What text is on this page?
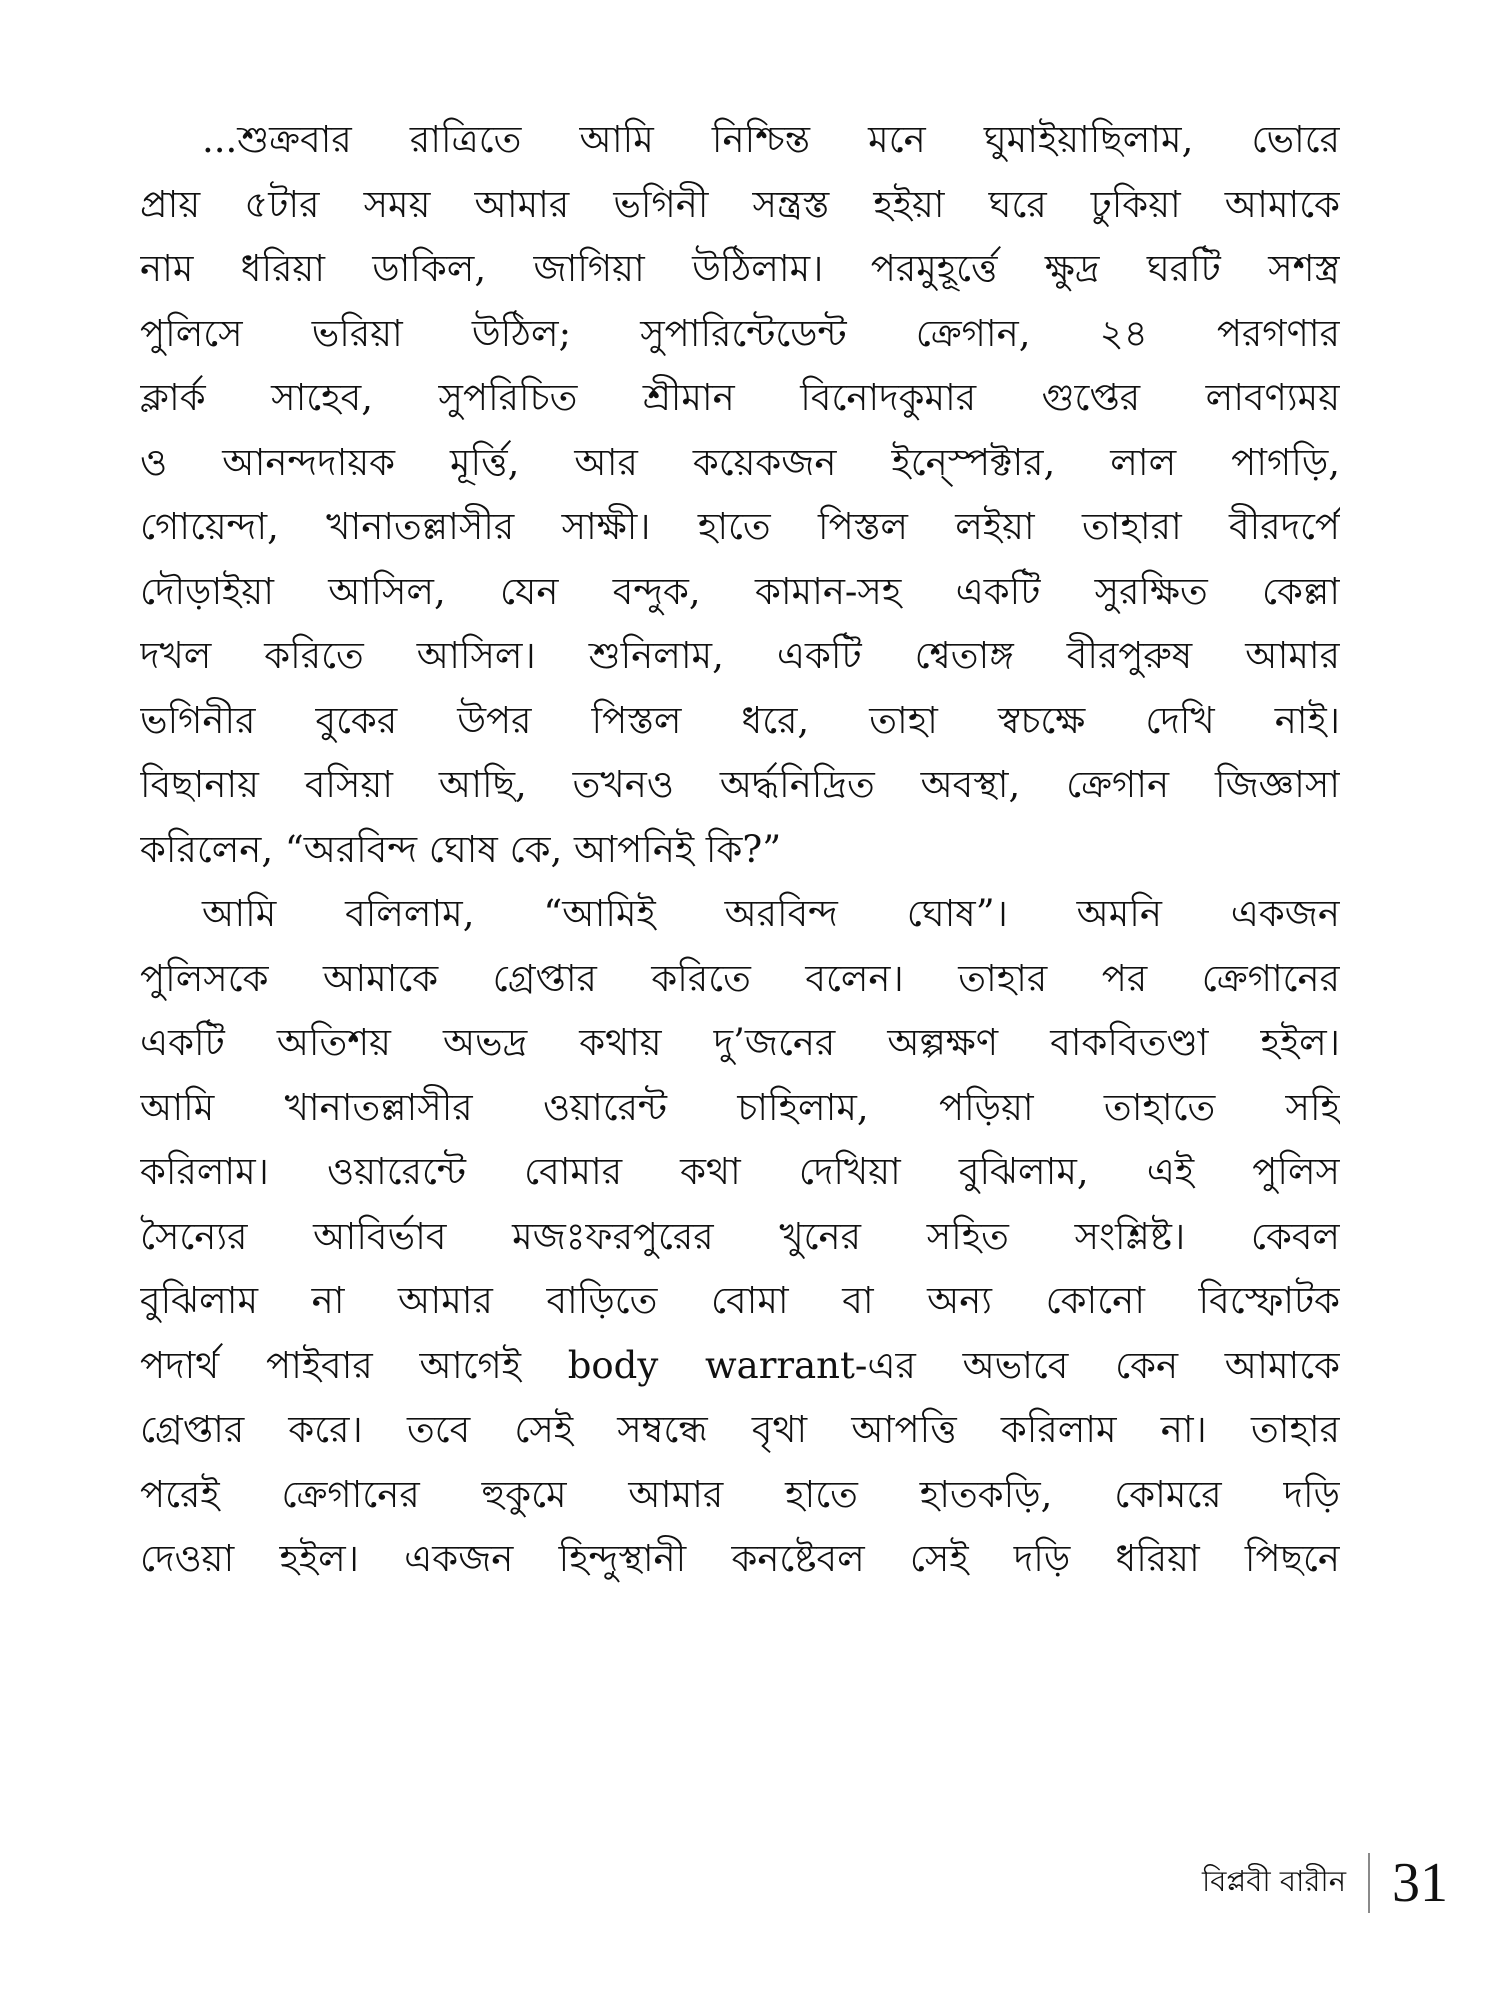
...শুক্রবার রাত্রিতে আমি নিশ্চিন্ত মনে ঘুমাইয়াছিলাম, ভোরে
প্রায় ৫টার সময় আমার ভগিনী সন্ত্রস্ত হইয়া ঘরে ঢুকিয়া আমাকে
নাম ধরিয়া ডাকিল, জাগিয়া উঠিলাম। পরমুহূর্ত্তে ক্ষুদ্র ঘরটি সশস্ত্র
পুলিসে ভরিয়া উঠিল; সুপারিন্টেডেন্ট ক্রেগান, ২৪ পরগণার
ক্লার্ক সাহেব, সুপরিচিত শ্রীমান বিনোদকুমার গুপ্তের লাবণ্যময়
ও আনন্দদায়ক মূর্ত্তি, আর কয়েকজন ইন্স্পেক্টার, লাল পাগড়ি,
গোয়েন্দা, খানাতল্লাসীর সাক্ষী। হাতে পিস্তল লইয়া তাহারা বীরদর্পে
দৌড়াইয়া আসিল, যেন বন্দুক, কামান-সহ একটি সুরক্ষিত কেল্লা
দখল করিতে আসিল। শুনিলাম, একটি শ্বেতাঙ্গ বীরপুরুষ আমার
ভগিনীর বুকের উপর পিস্তল ধরে, তাহা স্বচক্ষে দেখি নাই।
বিছানায় বসিয়া আছি, তখনও অর্দ্ধনিদ্রিত অবস্থা, ক্রেগান জিজ্ঞাসা
করিলেন, “অরবিন্দ ঘোষ কে, আপনিই কি?”

আমি বলিলাম, “আমিই অরবিন্দ ঘোষ”। অমনি একজন
পুলিসকে আমাকে গ্রেপ্তার করিতে বলেন। তাহার পর ক্রেগানের
একটি অতিশয় অভদ্র কথায় দু’জনের অল্পক্ষণ বাকবিতণ্ডা হইল।
আমি খানাতল্লাসীর ওয়ারেন্ট চাহিলাম, পড়িয়া তাহাতে সহি
করিলাম। ওয়ারেন্টে বোমার কথা দেখিয়া বুঝিলাম, এই পুলিস
সৈন্যের আবির্ভাব মজঃফরপুরের খুনের সহিত সংশ্লিষ্ট। কেবল
বুঝিলাম না আমার বাড়িতে বোমা বা অন্য কোনো বিস্ফোটক
পদার্থ পাইবার আগেই body warrant-এর অভাবে কেন আমাকে
গ্রেপ্তার করে। তবে সেই সম্বন্ধে বৃথা আপত্তি করিলাম না। তাহার
পরেই ক্রেগানের হুকুমে আমার হাতে হাতকড়ি, কোমরে দড়ি
দেওয়া হইল। একজন হিন্দুস্থানী কনষ্টেবল সেই দড়ি ধরিয়া পিছনে

বিপ্লবী বারীন 31
